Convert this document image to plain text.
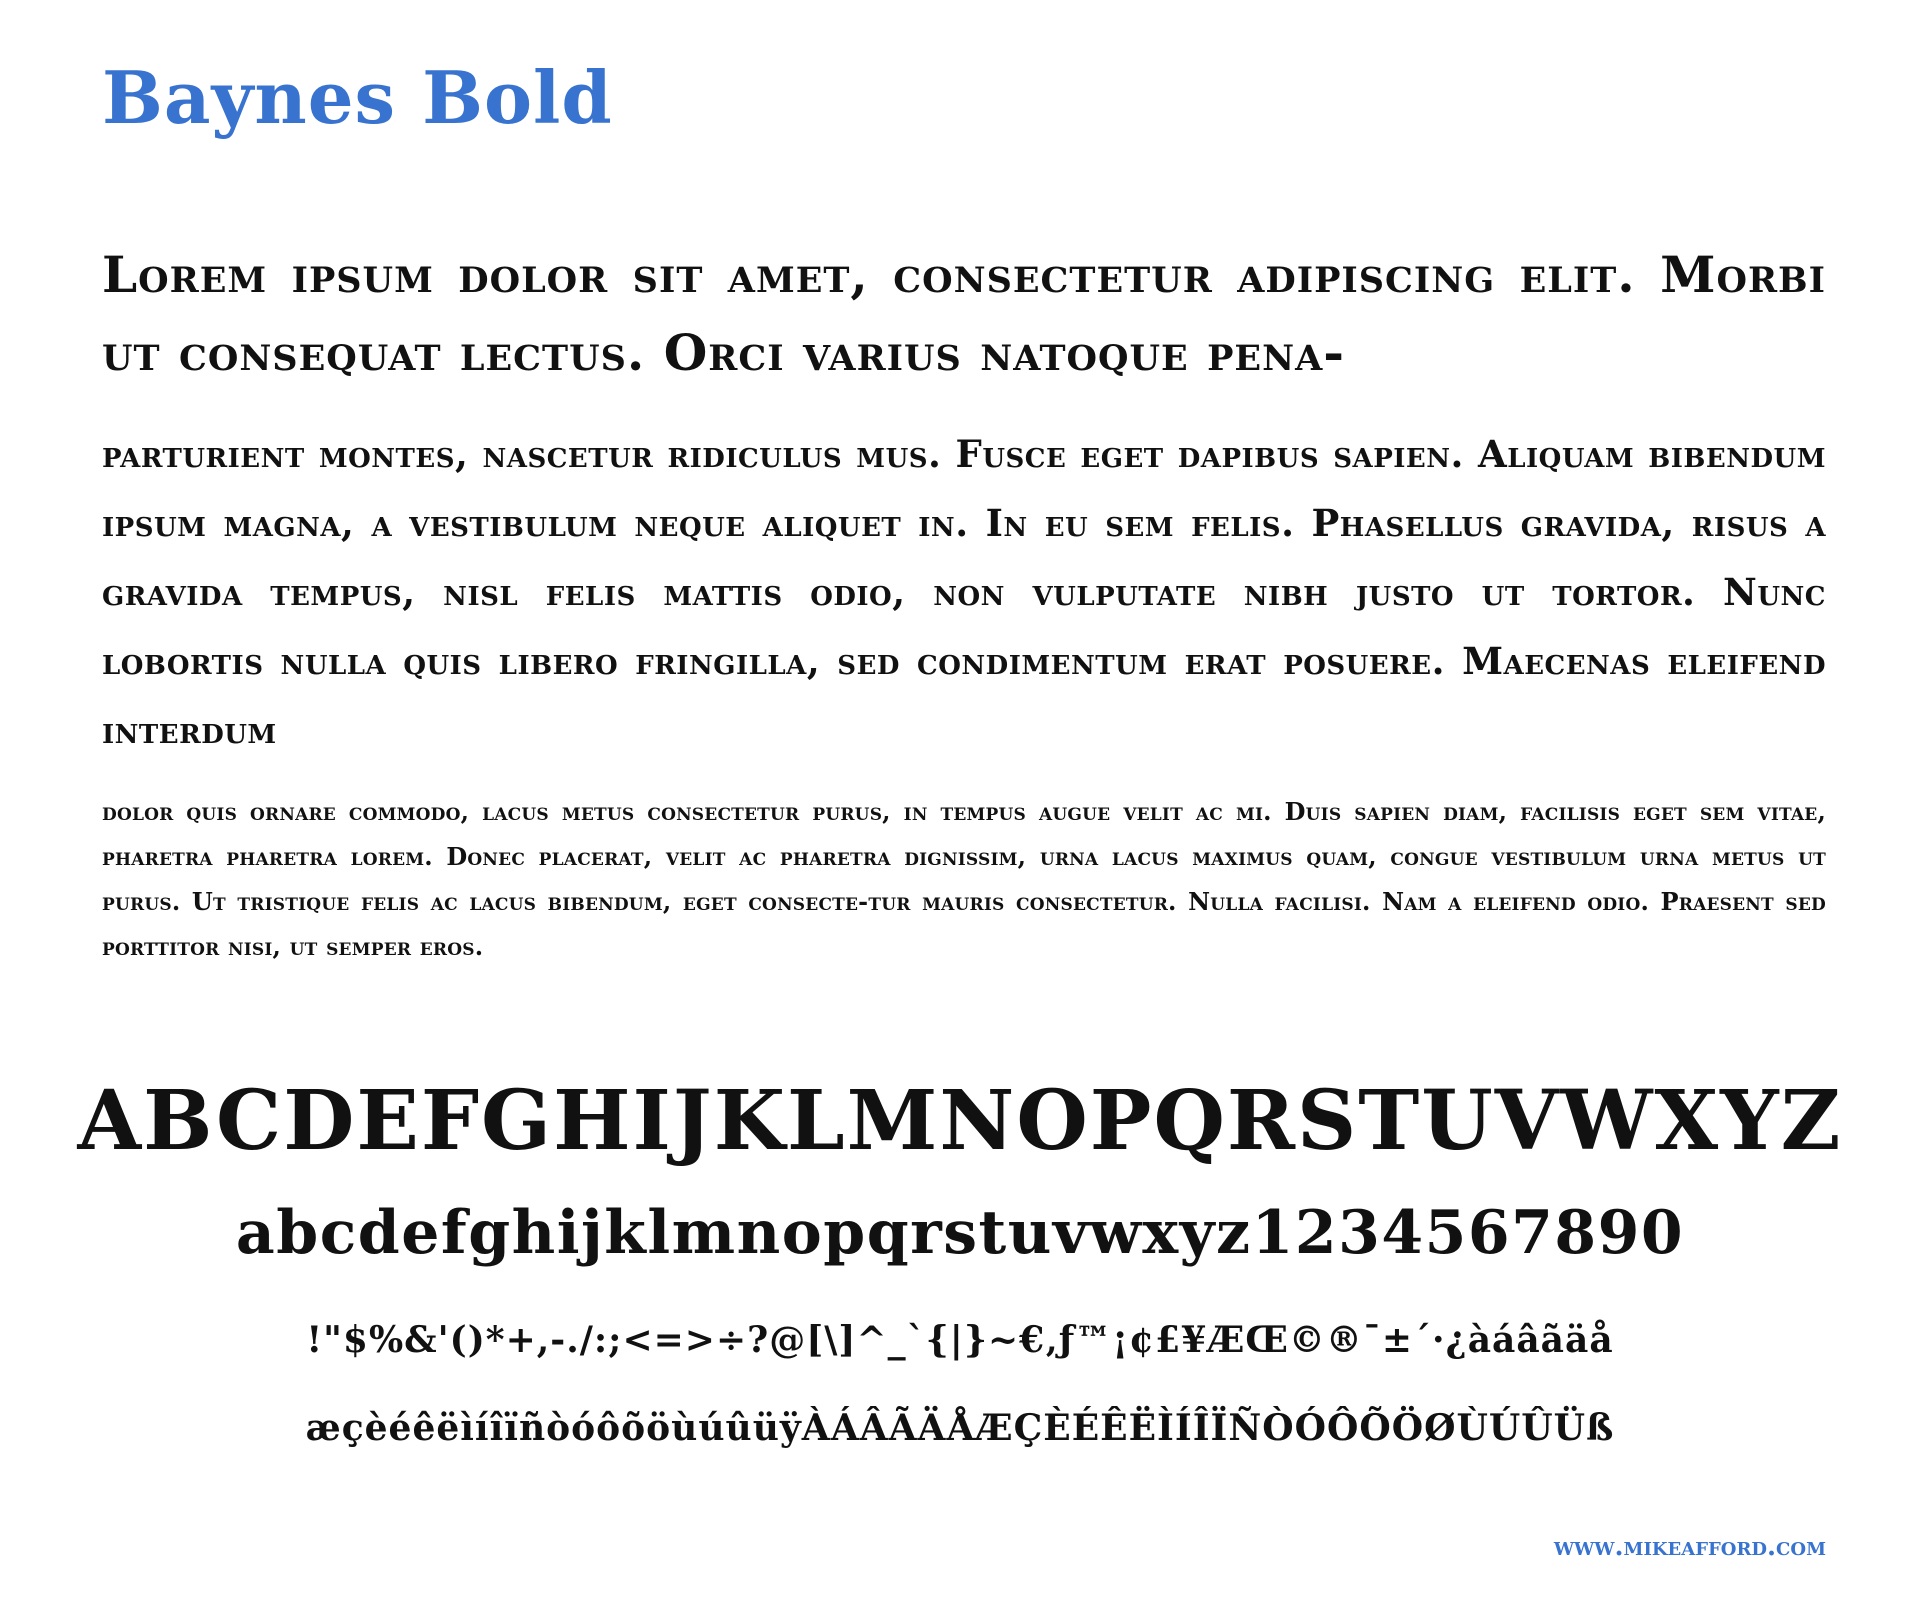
Baynes Bold
Lorem ipsum dolor sit amet, consectetur adipiscing elit. Morbi ut consequat lectus. Orci varius natoque pena-
parturient montes, nascetur ridiculus mus. Fusce eget dapibus sapien. Aliquam bibendum ipsum magna, a vestibulum neque aliquet in. In eu sem felis. Phasellus gravida, risus a gravida tempus, nisl felis mattis odio, non vulputate nibh justo ut tortor. Nunc lobortis nulla quis libero fringilla, sed condimentum erat posuere. Maecenas eleifend interdum
dolor quis ornare commodo, lacus metus consectetur purus, in tempus augue velit ac mi. Duis sapien diam, facilisis eget sem vitae, pharetra pharetra lorem. Donec placerat, velit ac pharetra dignissim, urna lacus maximus quam, congue vestibulum urna metus ut purus. Ut tristique felis ac lacus bibendum, eget consecte-tur mauris consectetur. Nulla facilisi. Nam a eleifend odio. Praesent sed porttitor nisi, ut semper eros.
ABCDEFGHIJKLMNOPQRSTUVWXYZ
abcdefghijklmnopqrstuvwxyz1234567890
!"$%&'()*+,-./:;<=>÷?@[\]^_`{|}~€‚ƒ™¡¢£¥ÆŒ©®¯±´·¿àáâãäå
æçèéêëìíîïñòóôõöùúûüÿÀÁÂÃÄÅÆÇÈÉÊËÌÍÎÏÑÒÓÔÕÖØÙÚÛÜß
www.mikeafford.com
